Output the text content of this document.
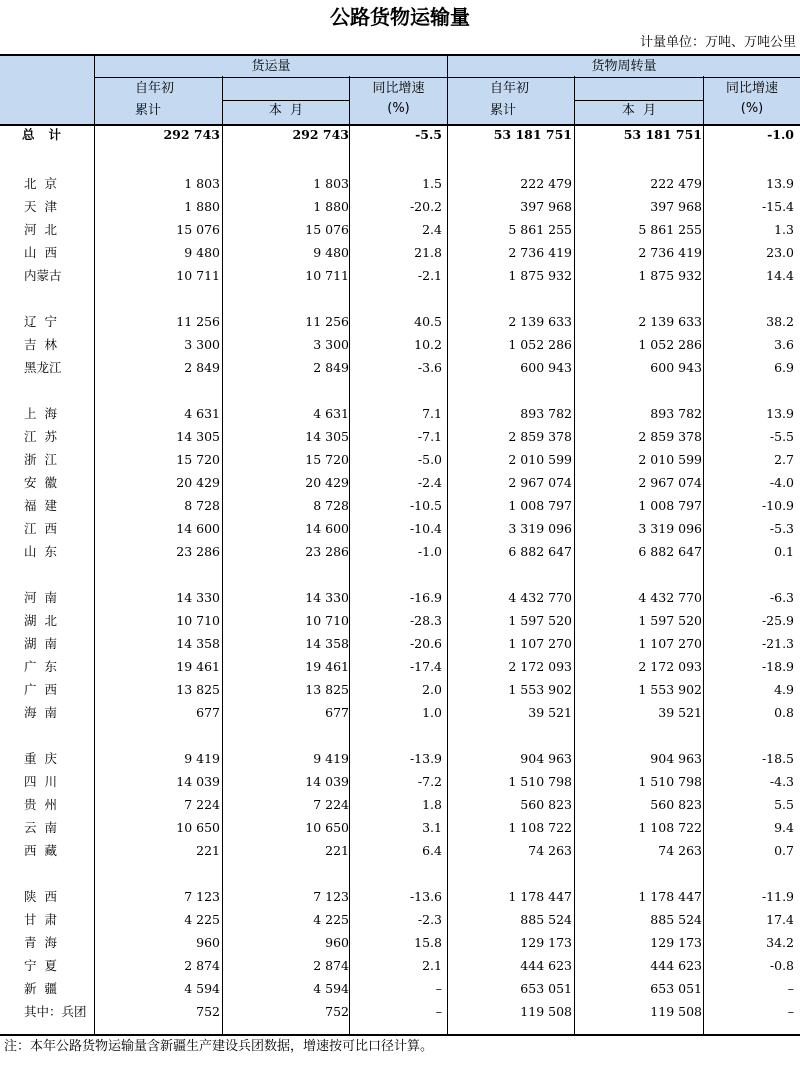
公路货物运输量
计量单位：万吨、万吨公里
货运量	货物周转量
自年初
累计	本  月
同比增速
(%)
自年初
累计	本  月
同比增速
(%)
总计	292 743	292 743	-5.5	53 181 751	53 181 751	-1.0
北  京	1 803	1 803	1.5	222 479	222 479	13.9
天  津	1 880	1 880	-20.2	397 968	397 968	-15.4
河  北	15 076	15 076	2.4	5 861 255	5 861 255	1.3
山  西	9 480	9 480	21.8	2 736 419	2 736 419	23.0
内蒙古	10 711	10 711	-2.1	1 875 932	1 875 932	14.4
辽  宁	11 256	11 256	40.5	2 139 633	2 139 633	38.2
吉  林	3 300	3 300	10.2	1 052 286	1 052 286	3.6
黑龙江	2 849	2 849	-3.6	600 943	600 943	6.9
上  海	4 631	4 631	7.1	893 782	893 782	13.9
江  苏	14 305	14 305	-7.1	2 859 378	2 859 378	-5.5
浙  江	15 720	15 720	-5.0	2 010 599	2 010 599	2.7
安  徽	20 429	20 429	-2.4	2 967 074	2 967 074	-4.0
福  建	8 728	8 728	-10.5	1 008 797	1 008 797	-10.9
江  西	14 600	14 600	-10.4	3 319 096	3 319 096	-5.3
山  东	23 286	23 286	-1.0	6 882 647	6 882 647	0.1
河  南	14 330	14 330	-16.9	4 432 770	4 432 770	-6.3
湖  北	10 710	10 710	-28.3	1 597 520	1 597 520	-25.9
湖  南	14 358	14 358	-20.6	1 107 270	1 107 270	-21.3
广  东	19 461	19 461	-17.4	2 172 093	2 172 093	-18.9
广  西	13 825	13 825	2.0	1 553 902	1 553 902	4.9
海  南	677	677	1.0	39 521	39 521	0.8
重  庆	9 419	9 419	-13.9	904 963	904 963	-18.5
四  川	14 039	14 039	-7.2	1 510 798	1 510 798	-4.3
贵  州	7 224	7 224	1.8	560 823	560 823	5.5
云  南	10 650	10 650	3.1	1 108 722	1 108 722	9.4
西  藏	221	221	6.4	74 263	74 263	0.7
陕  西	7 123	7 123	-13.6	1 178 447	1 178 447	-11.9
甘  肃	4 225	4 225	-2.3	885 524	885 524	17.4
青  海	960	960	15.8	129 173	129 173	34.2
宁  夏	2 874	2 874	2.1	444 623	444 623	-0.8
新  疆	4 594	4 594	–	653 051	653 051	–
其中：兵团	752	752	–	119 508	119 508	–
注：本年公路货物运输量含新疆生产建设兵团数据，增速按可比口径计算。
